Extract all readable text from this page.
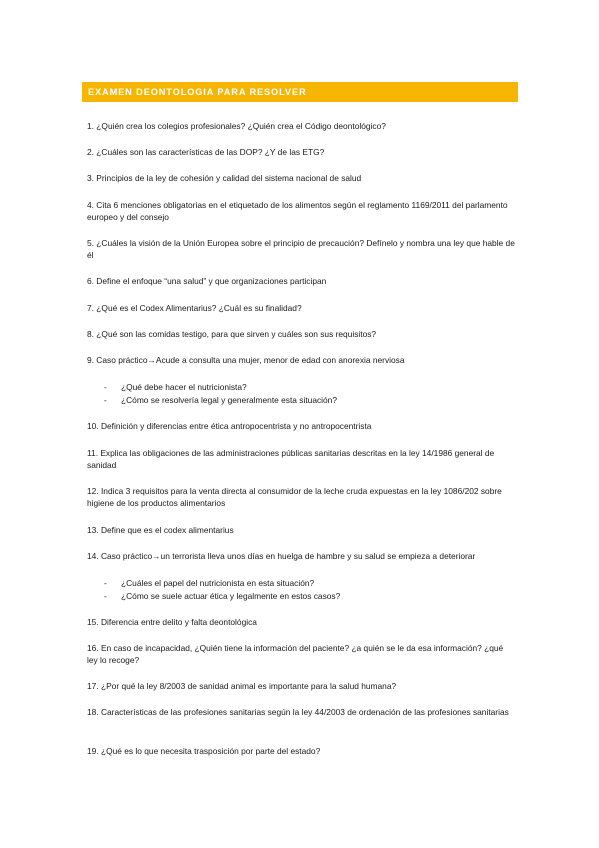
EXAMEN DEONTOLOGIA PARA RESOLVER
1. ¿Quién crea los colegios profesionales? ¿Quién crea el Código deontológico?
2. ¿Cuáles son las características de las DOP? ¿Y de las ETG?
3. Principios de la ley de cohesión y calidad del sistema nacional de salud
4. Cita 6 menciones obligatorias en el etiquetado de los alimentos según el reglamento 1169/2011 del parlamento europeo y del consejo
5. ¿Cuáles la visión de la Unión Europea sobre el principio de precaución? Defínelo y nombra una ley que hable de él
6. Define el enfoque “una salud” y que organizaciones participan
7. ¿Qué es el Codex Alimentarius? ¿Cuál es su finalidad?
8. ¿Qué son las comidas testigo, para que sirven y cuáles son sus requisitos?
9. Caso práctico→Acude a consulta una mujer, menor de edad con anorexia nerviosa
- ¿Qué debe hacer el nutricionista?
- ¿Cómo se resolvería legal y generalmente esta situación?
10. Definición y diferencias entre ética antropocentrista y no antropocentrista
11. Explica las obligaciones de las administraciones públicas sanitarias descritas en la ley 14/1986 general de sanidad
12. Indica 3 requisitos para la venta directa al consumidor de la leche cruda expuestas en la ley 1086/202 sobre higiene de los productos alimentarios
13. Define que es el codex alimentarius
14. Caso práctico→un terrorista lleva unos días en huelga de hambre y su salud se empieza a deteriorar
- ¿Cuáles el papel del nutricionista en esta situación?
- ¿Cómo se suele actuar ética y legalmente en estos casos?
15. Diferencia entre delito y falta deontológica
16. En caso de incapacidad, ¿Quién tiene la información del paciente? ¿a quién se le da esa información? ¿qué ley lo recoge?
17. ¿Por qué la ley 8/2003 de sanidad animal es importante para la salud humana?
18. Características de las profesiones sanitarias según la ley 44/2003 de ordenación de las profesiones sanitarias
19. ¿Qué es lo que necesita trasposición por parte del estado?
